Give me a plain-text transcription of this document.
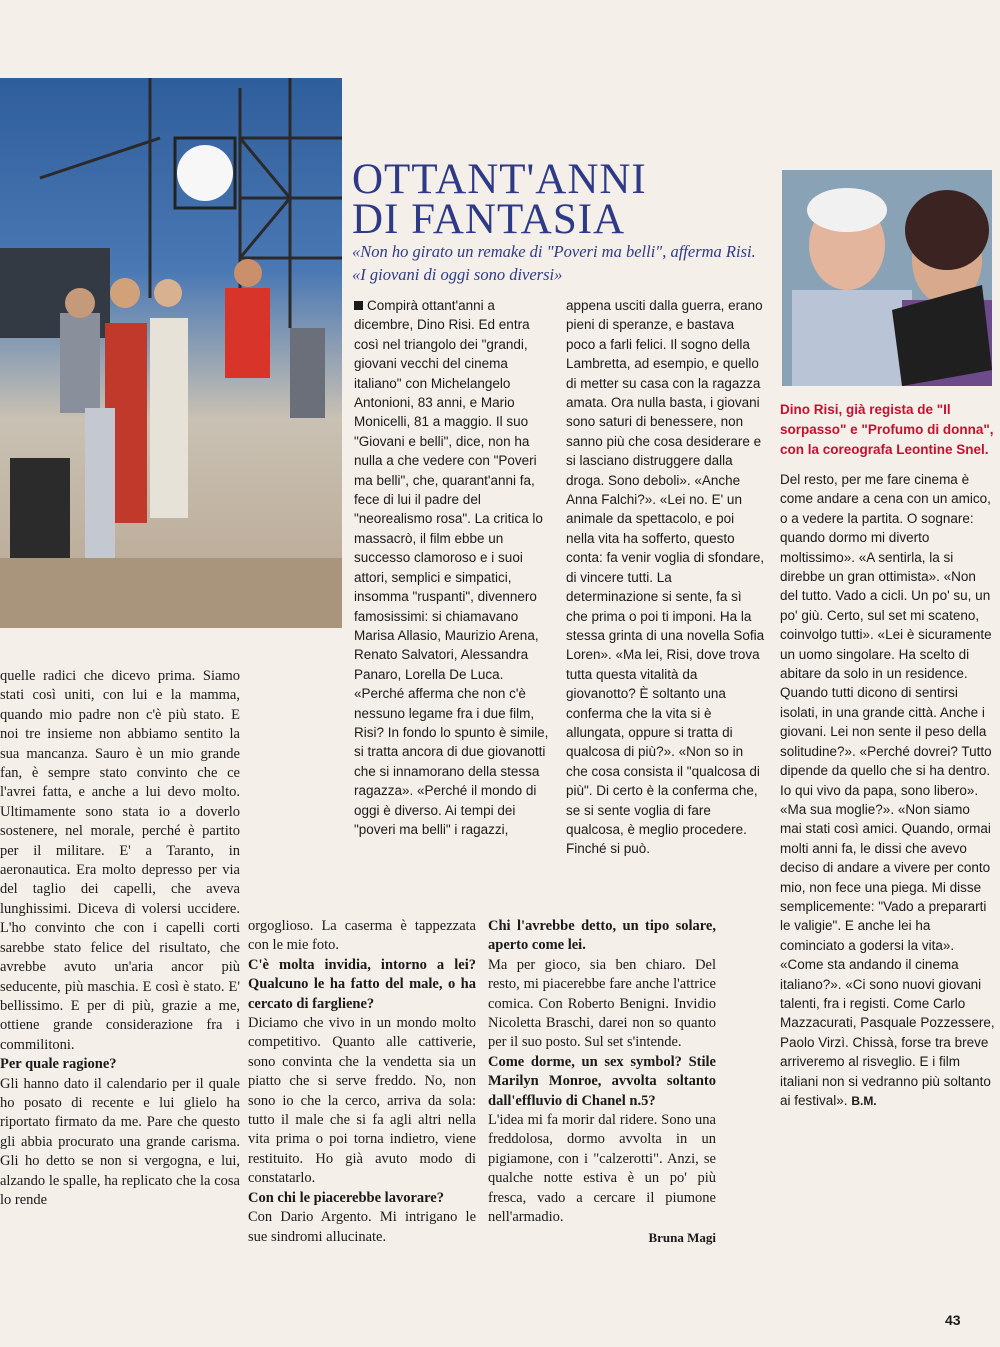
OTTANT'ANNI
DI FANTASIA

«Non ho girato un remake di "Poveri ma belli", afferma Risi. «I giovani di oggi sono diversi»

Compirà ottant'anni a dicembre, Dino Risi. Ed entra così nel triangolo dei "grandi, giovani vecchi del cinema italiano" con Michelangelo Antonioni, 83 anni, e Mario Monicelli, 81 a maggio. Il suo "Giovani e belli", dice, non ha nulla a che vedere con "Poveri ma belli", che, quarant'anni fa, fece di lui il padre del "neorealismo rosa". La critica lo massacrò, il film ebbe un successo clamoroso e i suoi attori, semplici e simpatici, insomma "ruspanti", divennero famosissimi: si chiamavano Marisa Allasio, Maurizio Arena, Renato Salvatori, Alessandra Panaro, Lorella De Luca. «Perché afferma che non c'è nessuno legame fra i due film, Risi? In fondo lo spunto è simile, si tratta ancora di due giovanotti che si innamorano della stessa ragazza». «Perché il mondo di oggi è diverso. Ai tempi dei "poveri ma belli" i ragazzi,
appena usciti dalla guerra, erano pieni di speranze, e bastava poco a farli felici. Il sogno della Lambretta, ad esempio, e quello di metter su casa con la ragazza amata. Ora nulla basta, i giovani sono saturi di benessere, non sanno più che cosa desiderare e si lasciano distruggere dalla droga. Sono deboli». «Anche Anna Falchi?». «Lei no. E' un animale da spettacolo, e poi nella vita ha sofferto, questo conta: fa venir voglia di sfondare, di vincere tutti. La determinazione si sente, fa sì che prima o poi ti imponi. Ha la stessa grinta di una novella Sofia Loren». «Ma lei, Risi, dove trova tutta questa vitalità da giovanotto? È soltanto una conferma che la vita si è allungata, oppure si tratta di qualcosa di più?». «Non so in che cosa consista il "qualcosa di più". Di certo è la conferma che, se si sente voglia di fare qualcosa, è meglio procedere. Finché si può.

Dino Risi, già regista de "Il sorpasso" e "Profumo di donna", con la coreografa Leontine Snel.

Del resto, per me fare cinema è come andare a cena con un amico, o a vedere la partita. O sognare: quando dormo mi diverto moltissimo». «A sentirla, la si direbbe un gran ottimista». «Non del tutto. Vado a cicli. Un po' su, un po' giù. Certo, sul set mi scateno, coinvolgo tutti». «Lei è sicuramente un uomo singolare. Ha scelto di abitare da solo in un residence. Quando tutti dicono di sentirsi isolati, in una grande città. Anche i giovani. Lei non sente il peso della solitudine?». «Perché dovrei? Tutto dipende da quello che si ha dentro. Io qui vivo da papa, sono libero». «Ma sua moglie?». «Non siamo mai stati così amici. Quando, ormai molti anni fa, le dissi che avevo deciso di andare a vivere per conto mio, non fece una piega. Mi disse semplicemente: "Vado a prepararti le valigie". E anche lei ha cominciato a godersi la vita». «Come sta andando il cinema italiano?». «Ci sono nuovi giovani talenti, fra i registi. Come Carlo Mazzacurati, Pasquale Pozzessere, Paolo Virzì. Chissà, forse tra breve arriveremo al risveglio. E i film italiani non si vedranno più soltanto ai festival». B.M.

quelle radici che dicevo prima. Siamo stati così uniti, con lui e la mamma, quando mio padre non c'è più stato. E noi tre insieme non abbiamo sentito la sua mancanza. Sauro è un mio grande fan, è sempre stato convinto che ce l'avrei fatta, e anche a lui devo molto. Ultimamente sono stata io a doverlo sostenere, nel morale, perché è partito per il militare. E' a Taranto, in aeronautica. Era molto depresso per via del taglio dei capelli, che aveva lunghissimi. Diceva di volersi uccidere. L'ho convinto che con i capelli corti sarebbe stato felice del risultato, che avrebbe avuto un'aria ancor più seducente, più maschia. E così è stato. E' bellissimo. E per di più, grazie a me, ottiene grande considerazione fra i commilitoni.

Per quale ragione?

Gli hanno dato il calendario per il quale ho posato di recente e lui glielo ha riportato firmato da me. Pare che questo gli abbia procurato una grande carisma. Gli ho detto se non si vergogna, e lui, alzando le spalle, ha replicato che la cosa lo rende

orgoglioso. La caserma è tappezzata con le mie foto.

C'è molta invidia, intorno a lei? Qualcuno le ha fatto del male, o ha cercato di fargliene?

Diciamo che vivo in un mondo molto competitivo. Quanto alle cattiverie, sono convinta che la vendetta sia un piatto che si serve freddo. No, non sono io che la cerco, arriva da sola: tutto il male che si fa agli altri nella vita prima o poi torna indietro, viene restituito. Ho già avuto modo di constatarlo.

Con chi le piacerebbe lavorare?

Con Dario Argento. Mi intrigano le sue sindromi allucinate.

Chi l'avrebbe detto, un tipo solare, aperto come lei.

Ma per gioco, sia ben chiaro. Del resto, mi piacerebbe fare anche l'attrice comica. Con Roberto Benigni. Invidio Nicoletta Braschi, darei non so quanto per il suo posto. Sul set s'intende.

Come dorme, un sex symbol? Stile Marilyn Monroe, avvolta soltanto dall'effluvio di Chanel n.5?

L'idea mi fa morir dal ridere. Sono una freddolosa, dormo avvolta in un pigiamone, con i "calzerotti". Anzi, se qualche notte estiva è un po' più fresca, vado a cercare il piumone nell'armadio.

Bruna Magi

43
